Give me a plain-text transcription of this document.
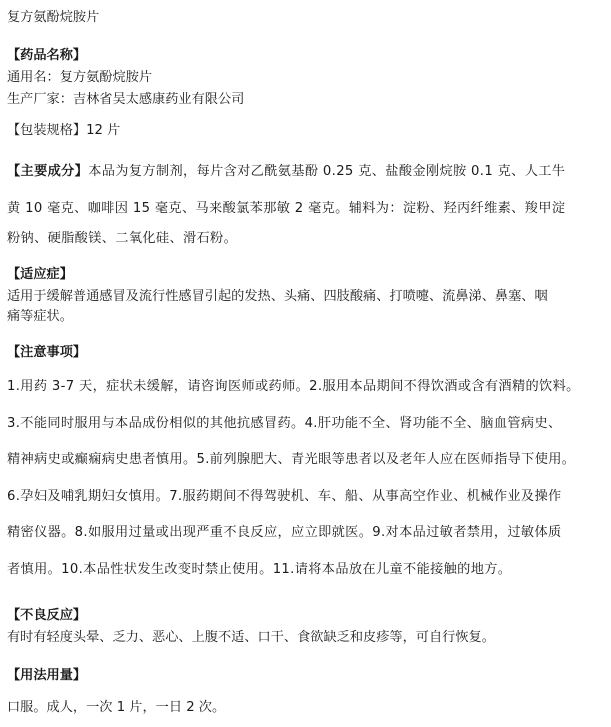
复方氨酚烷胺片
【药品名称】
通用名：复方氨酚烷胺片
生产厂家：吉林省吴太感康药业有限公司
【包装规格】12 片
【主要成分】本品为复方制剂，每片含对乙酰氨基酚 0.25 克、盐酸金刚烷胺 0.1 克、人工牛
黄 10 毫克、咖啡因 15 毫克、马来酸氯苯那敏 2 毫克。辅料为：淀粉、羟丙纤维素、羧甲淀
粉钠、硬脂酸镁、二氧化硅、滑石粉。
【适应症】
适用于缓解普通感冒及流行性感冒引起的发热、头痛、四肢酸痛、打喷嚏、流鼻涕、鼻塞、咽
痛等症状。
【注意事项】
1.用药 3-7 天，症状未缓解，请咨询医师或药师。2.服用本品期间不得饮酒或含有酒精的饮料。
3.不能同时服用与本品成份相似的其他抗感冒药。4.肝功能不全、肾功能不全、脑血管病史、
精神病史或癫痫病史患者慎用。5.前列腺肥大、青光眼等患者以及老年人应在医师指导下使用。
6.孕妇及哺乳期妇女慎用。7.服药期间不得驾驶机、车、船、从事高空作业、机械作业及操作
精密仪器。8.如服用过量或出现严重不良反应，应立即就医。9.对本品过敏者禁用，过敏体质
者慎用。10.本品性状发生改变时禁止使用。11.请将本品放在儿童不能接触的地方。
【不良反应】
有时有轻度头晕、乏力、恶心、上腹不适、口干、食欲缺乏和皮疹等，可自行恢复。
【用法用量】
口服。成人，一次 1 片，一日 2 次。
